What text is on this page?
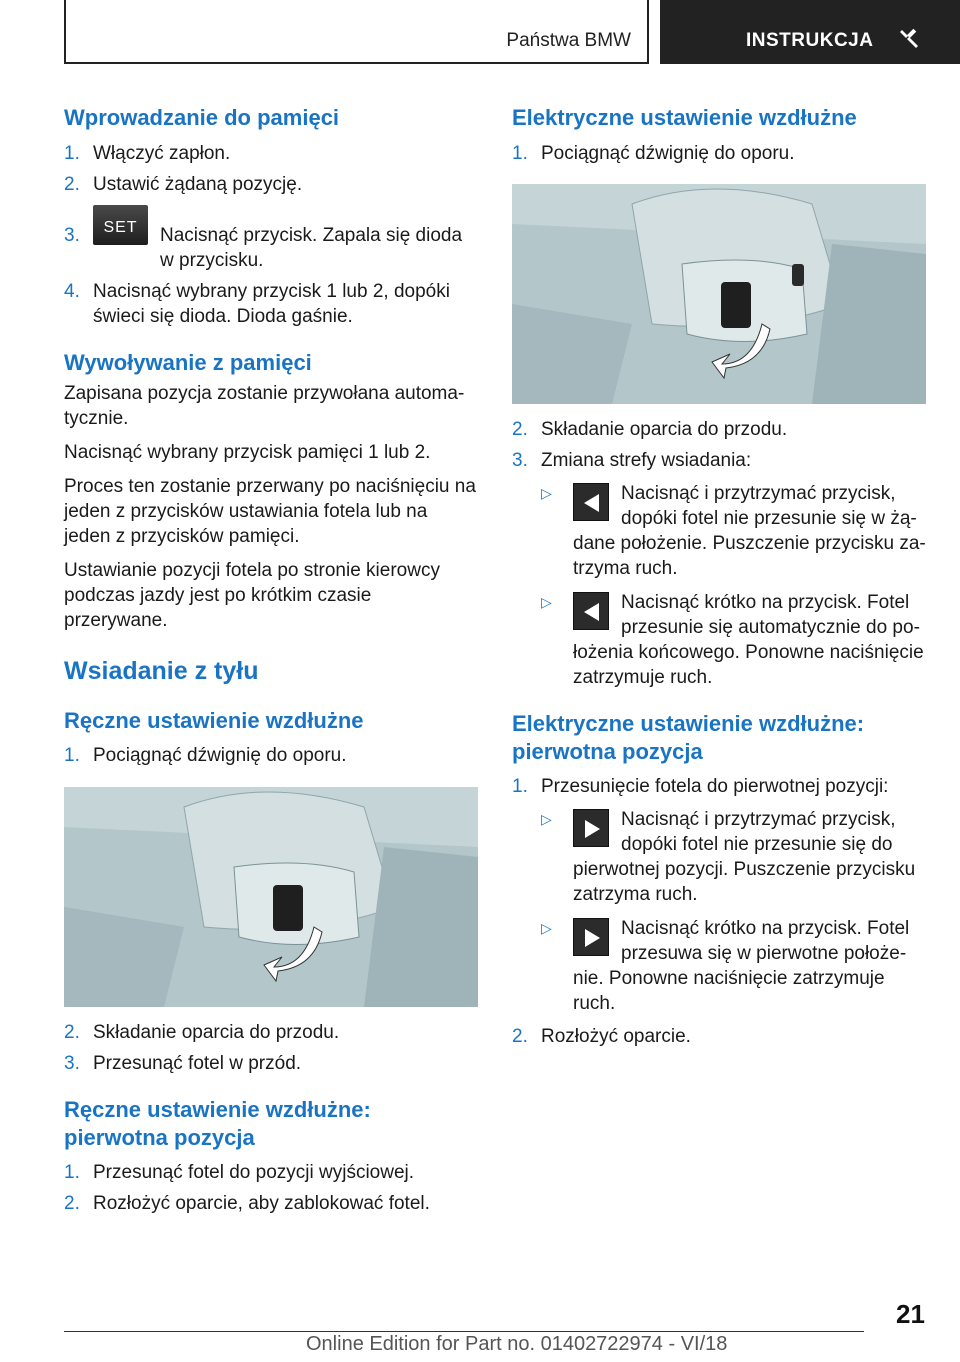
Państwa BMW	INSTRUKCJA
Wprowadzanie do pamięci
1. Włączyć zapłon.
2. Ustawić żądaną pozycję.
3.	SET	Nacisnąć przycisk. Zapala się dioda w przycisku.
4. Nacisnąć wybrany przycisk 1 lub 2, dopóki świeci się dioda. Dioda gaśnie.
Wywoływanie z pamięci
Zapisana pozycja zostanie przywołana automatycznie.
Nacisnąć wybrany przycisk pamięci 1 lub 2.
Proces ten zostanie przerwany po naciśnięciu na jeden z przycisków ustawiania fotela lub na jeden z przycisków pamięci.
Ustawianie pozycji fotela po stronie kierowcy podczas jazdy jest po krótkim czasie przerywane.
Wsiadanie z tyłu
Ręczne ustawienie wzdłużne
1. Pociągnąć dźwignię do oporu.
2. Składanie oparcia do przodu.
3. Przesunąć fotel w przód.
Ręczne ustawienie wzdłużne: pierwotna pozycja
1. Przesunąć fotel do pozycji wyjściowej.
2. Rozłożyć oparcie, aby zablokować fotel.
Elektryczne ustawienie wzdłużne
1. Pociągnąć dźwignię do oporu.
2. Składanie oparcia do przodu.
3. Zmiana strefy wsiadania:
▷	Nacisnąć i przytrzymać przycisk, dopóki fotel nie przesunie się w żądane położenie. Puszczenie przycisku zatrzyma ruch.
▷	Nacisnąć krótko na przycisk. Fotel przesunie się automatycznie do położenia końcowego. Ponowne naciśnięcie zatrzymuje ruch.
Elektryczne ustawienie wzdłużne: pierwotna pozycja
1. Przesunięcie fotela do pierwotnej pozycji:
▷	Nacisnąć i przytrzymać przycisk, dopóki fotel nie przesunie się do pierwotnej pozycji. Puszczenie przycisku zatrzyma ruch.
▷	Nacisnąć krótko na przycisk. Fotel przesuwa się w pierwotne położenie. Ponowne naciśnięcie zatrzymuje ruch.
2. Rozłożyć oparcie.
21
Online Edition for Part no. 01402722974 - VI/18
